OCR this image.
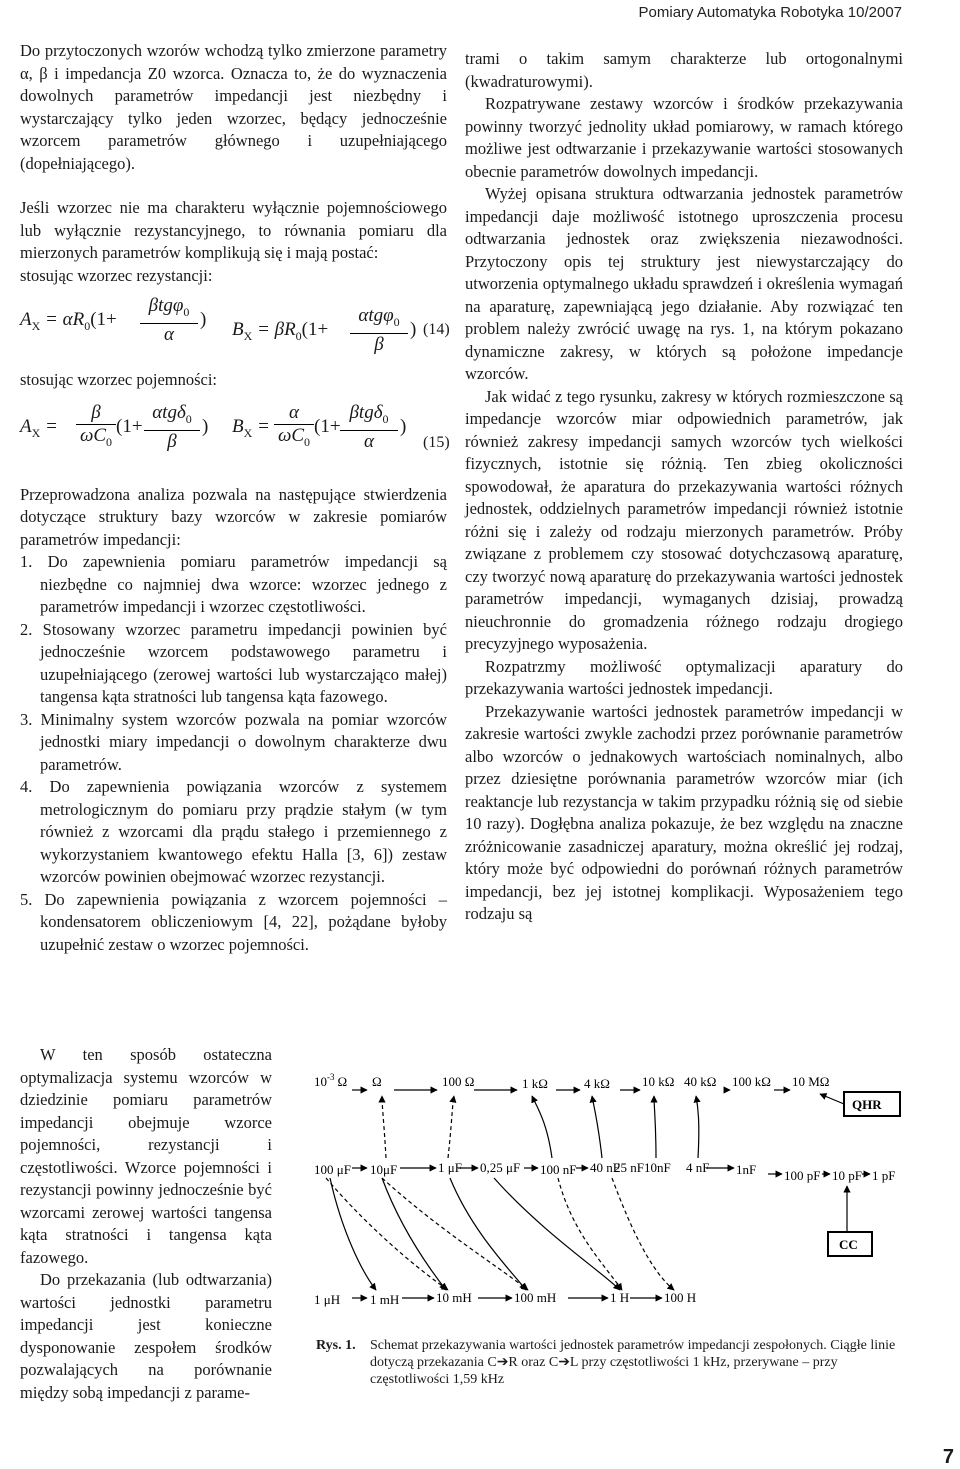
Pomiary Automatyka Robotyka 10/2007

Do przytoczonych wzorów wchodzą tylko zmierzone parametry α, β i impedancja Z0 wzorca. Oznacza to, że do wyznaczenia dowolnych parametrów impedancji jest niezbędny i wystarczający tylko jeden wzorzec, będący jednocześnie wzorcem parametrów głównego i uzupełniającego (dopełniającego).

Jeśli wzorzec nie ma charakteru wyłącznie pojemnościowego lub wyłącznie rezystancyjnego, to równania pomiaru dla mierzonych parametrów komplikują się i mają postać:

stosując wzorzec rezystancji:

$A_X = \alpha R_0(1+$
βtgφ$_0$
α
) $B_X = \beta R_0(1+$
αtgφ$_0$
β
) (14)

stosując wzorzec pojemności:

$A_X$ =
β
$\omega C_0$
(1+
αtgδ$_0$
β
) $B_X$ =
α
$\omega C_0$
(1+
βtgδ$_0$
α
)
(15)

Przeprowadzona analiza pozwala na następujące stwierdzenia dotyczące struktury bazy wzorców w zakresie pomiarów parametrów impedancji:

1. Do zapewnienia pomiaru parametrów impedancji są niezbędne co najmniej dwa wzorce: wzorzec jednego z parametrów impedancji i wzorzec częstotliwości.

2. Stosowany wzorzec parametru impedancji powinien być jednocześnie wzorcem podstawowego parametru i uzupełniającego (zerowej wartości lub wystarczająco małej) tangensa kąta stratności lub tangensa kąta fazowego.

3. Minimalny system wzorców pozwala na pomiar wzorców jednostki miary impedancji o dowolnym charakterze dwu parametrów.

4. Do zapewnienia powiązania wzorców z systemem metrologicznym do pomiaru przy prądzie stałym (w tym również z wzorcami dla prądu stałego i przemiennego z wykorzystaniem kwantowego efektu Halla [3, 6]) zestaw wzorców powinien obejmować wzorzec rezystancji.

5. Do zapewnienia powiązania z wzorcem pojemności – kondensatorem obliczeniowym [4, 22], pożądane byłoby uzupełnić zestaw o wzorzec pojemności.

W ten sposób ostateczna optymalizacja systemu wzorców w dziedzinie pomiaru parametrów impedancji obejmuje wzorce pojemności, rezystancji i częstotliwości. Wzorce pojemności i rezystancji powinny jednocześnie być wzorcami zerowej wartości tangensa kąta stratności i tangensa kąta fazowego.

Do przekazania (lub odtwarzania) wartości jednostki parametru impedancji jest konieczne dysponowanie zespołem środków pozwalających na porównanie między sobą impedancji z parame-

trami o takim samym charakterze lub ortogonalnymi (kwadraturowymi).

Rozpatrywane zestawy wzorców i środków przekazywania powinny tworzyć jednolity układ pomiarowy, w ramach którego możliwe jest odtwarzanie i przekazywanie wartości stosowanych obecnie parametrów dowolnych impedancji.

Wyżej opisana struktura odtwarzania jednostek parametrów impedancji daje możliwość istotnego uproszczenia procesu odtwarzania jednostek oraz zwiększenia niezawodności. Przytoczony opis tej struktury jest niewystarczający do utworzenia optymalnego układu sprawdzeń i określenia wymagań na aparaturę, zapewniającą jego działanie. Aby rozwiązać ten problem należy zwrócić uwagę na rys. 1, na którym pokazano dynamiczne zakresy, w których są położone impedancje wzorców.

Jak widać z tego rysunku, zakresy w których rozmieszczone są impedancje wzorców miar odpowiednich parametrów, jak również zakresy impedancji samych wzorców tych wielkości fizycznych, istotnie się różnią. Ten zbieg okoliczności spowodował, że aparatura do przekazywania wartości różnych jednostek, oddzielnych parametrów impedancji również istotnie różni się i zależy od rodzaju mierzonych parametrów. Próby związane z problemem czy stosować dotychczasową aparaturę, czy tworzyć nową aparaturę do przekazywania wartości jednostek parametrów impedancji, wymaganych dzisiaj, prowadzą nieuchronnie do gromadzenia różnego rodzaju drogiego precyzyjnego wyposażenia.

Rozpatrzmy możliwość optymalizacji aparatury do przekazywania wartości jednostek impedancji.

Przekazywanie wartości jednostek parametrów impedancji w zakresie wartości zwykle zachodzi przez porównanie parametrów albo wzorców o jednakowych wartościach nominalnych, albo przez dziesiętne porównania parametrów wzorców miar (ich reaktancje lub rezystancja w takim przypadku różnią się od siebie 10 razy). Dogłębna analiza pokazuje, że bez względu na znaczne zróżnicowanie zasadniczej aparatury, można określić jej rodzaj, który może być odpowiedni do porównań różnych parametrów impedancji, bez jej istotnej komplikacji. Wyposażeniem tego rodzaju są

$10^{-3}$ Ω Ω	100 Ω	1 kΩ	4 kΩ 10 kΩ 40 kΩ 100 kΩ 10 MΩ
QHR
100 μF 10μF	1 μF 0,25 μF 100 nF 40 nF
25 nF 10nF 4 nF 1nF 100 pF 10 pF 1 pF
CC
1 μH 1 mH	10 mH	100 mH	1 H	100 H
Rys. 1. Schemat przekazywania wartości jednostek parametrów impedancji zespołonych. Ciągłe linie dotyczą przekazania C➔R oraz C➔L przy częstotliwości 1 kHz, przerywane – przy częstotliwości 1,59 kHz
7
